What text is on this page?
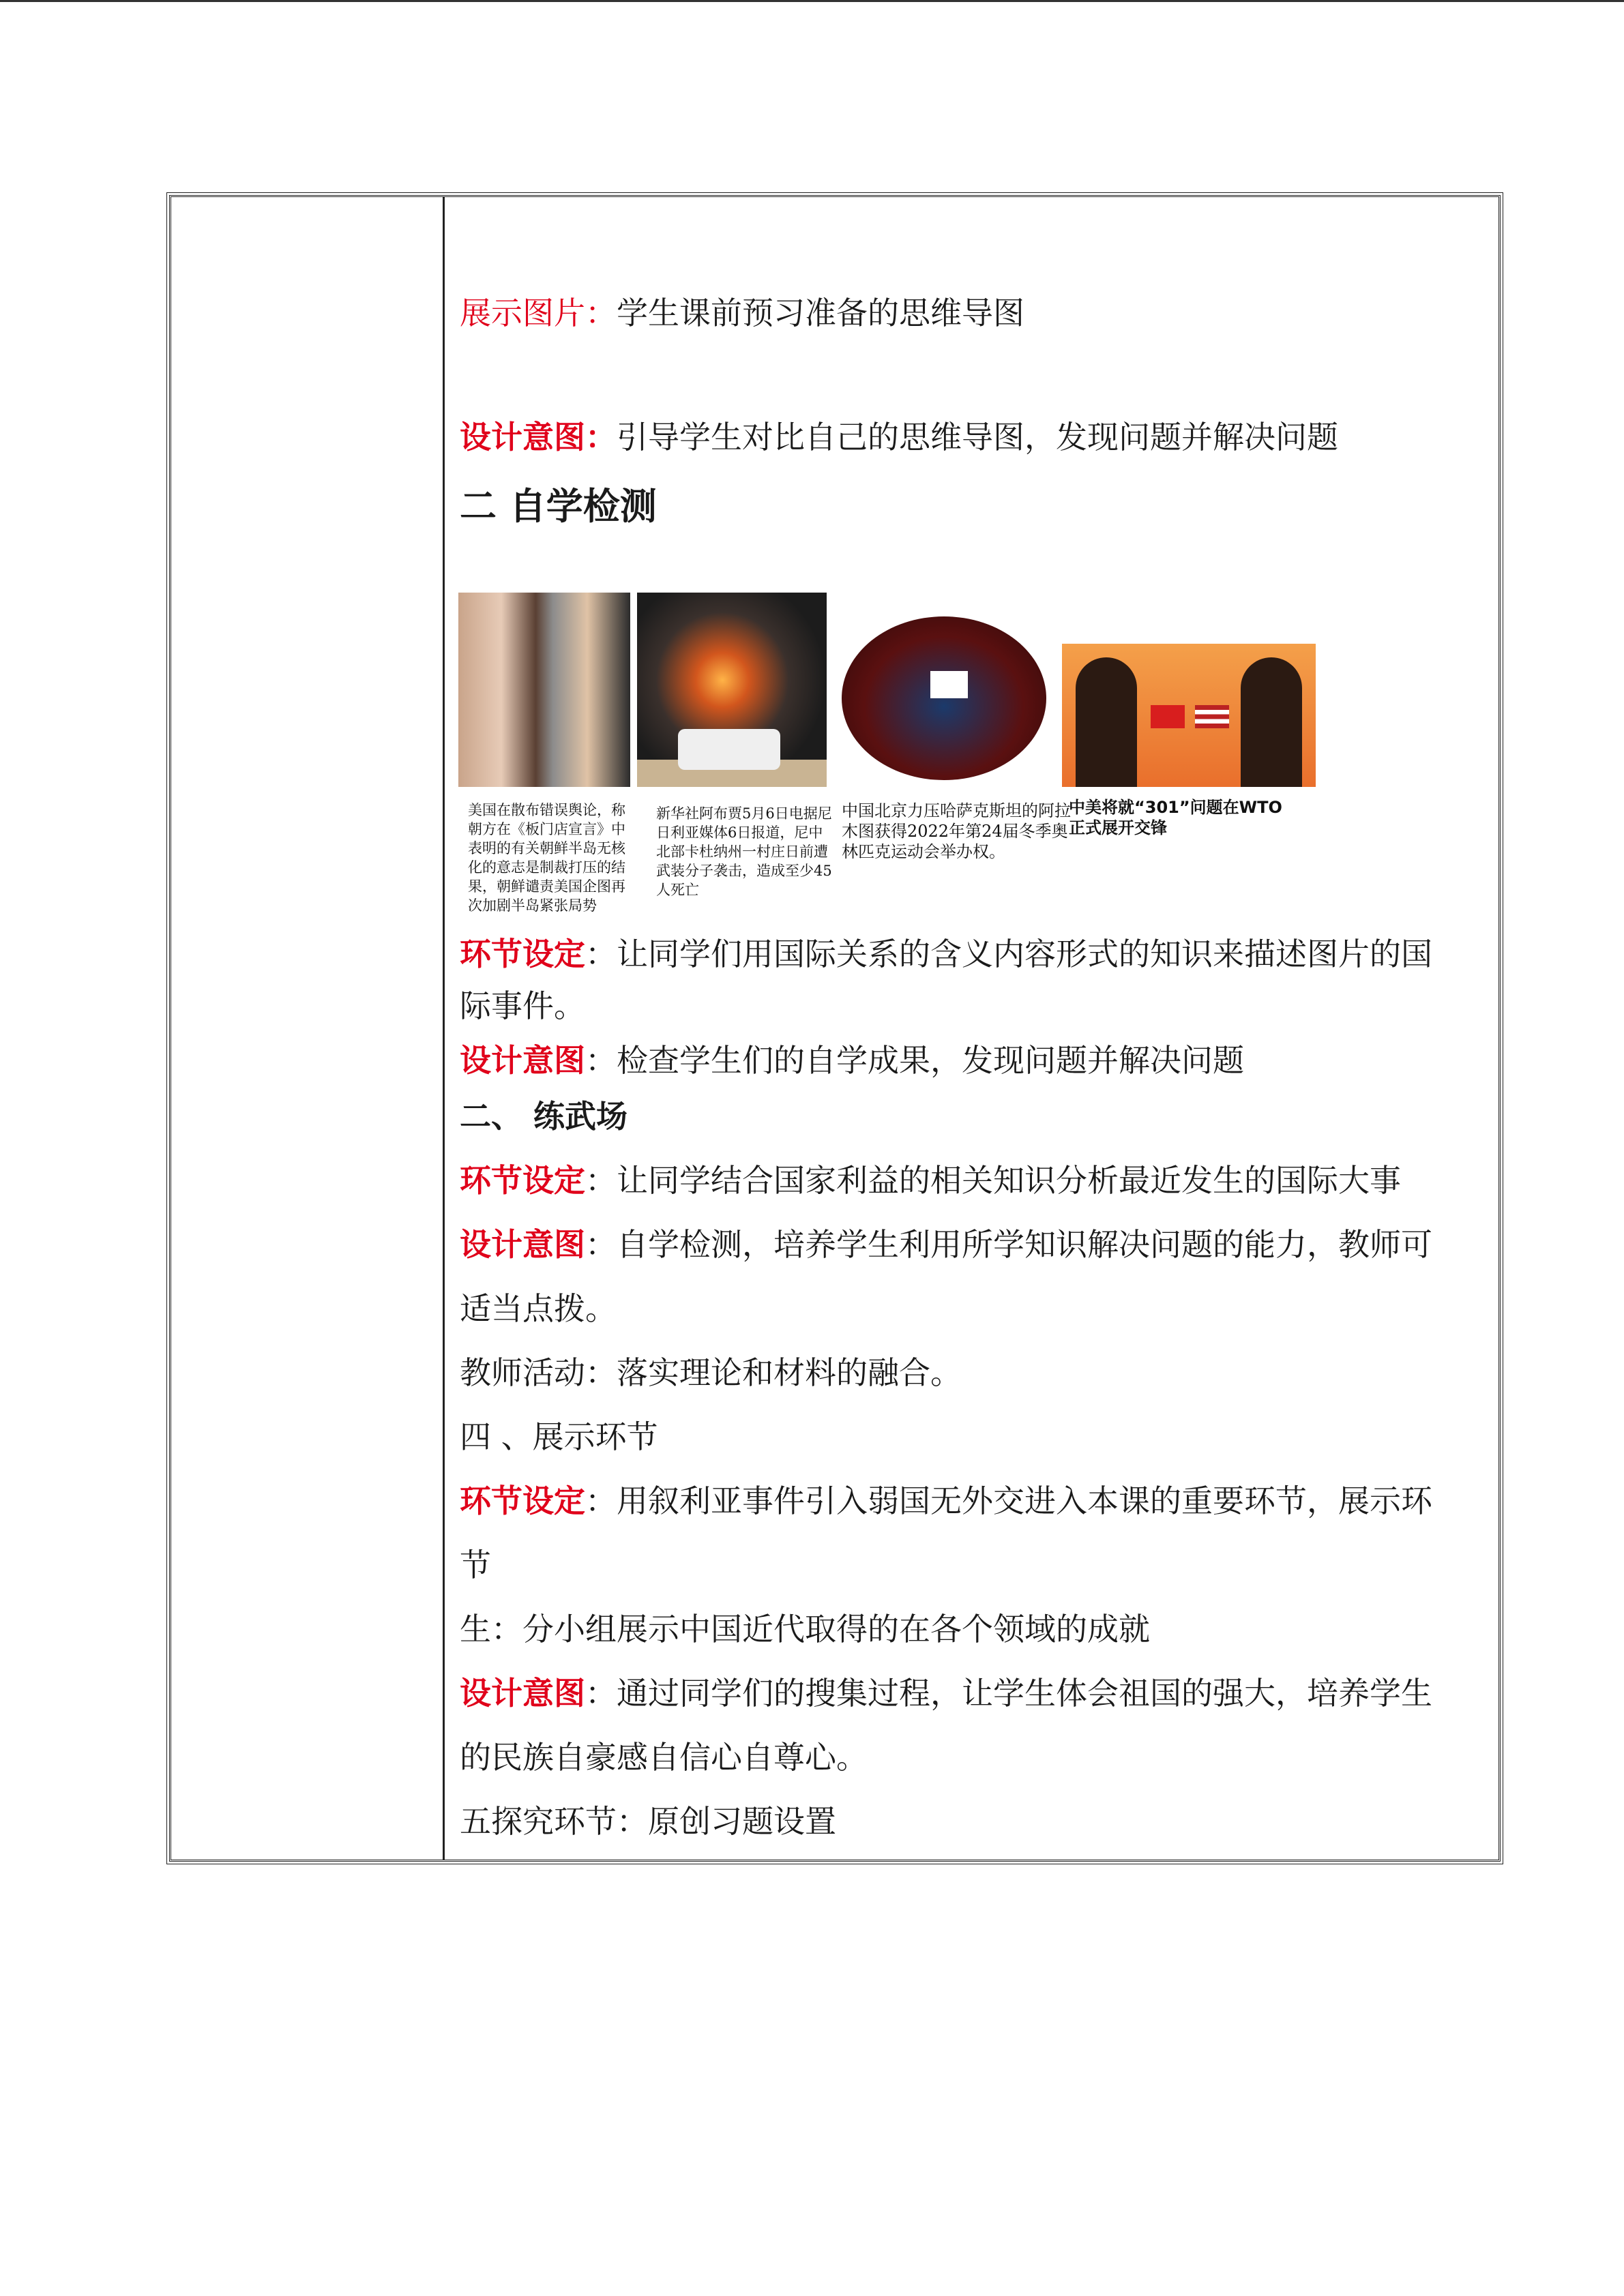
展示图片：学生课前预习准备的思维导图
设计意图：引导学生对比自己的思维导图，发现问题并解决问题
二 自学检测
美国在散布错误舆论，称朝方在《板门店宣言》中表明的有关朝鲜半岛无核化的意志是制裁打压的结果，朝鲜谴责美国企图再次加剧半岛紧张局势
新华社阿布贾5月6日电据尼日利亚媒体6日报道，尼中北部卡杜纳州一村庄日前遭武装分子袭击，造成至少45人死亡
中国北京力压哈萨克斯坦的阿拉木图获得2022年第24届冬季奥林匹克运动会举办权。
中美将就“301”问题在WTO正式展开交锋
环节设定：让同学们用国际关系的含义内容形式的知识来描述图片的国
际事件。
设计意图：检查学生们的自学成果，发现问题并解决问题
二、 练武场
环节设定：让同学结合国家利益的相关知识分析最近发生的国际大事
设计意图：自学检测，培养学生利用所学知识解决问题的能力，教师可
适当点拨。
教师活动：落实理论和材料的融合。
四 、展示环节
环节设定：用叙利亚事件引入弱国无外交进入本课的重要环节，展示环
节
生：分小组展示中国近代取得的在各个领域的成就
设计意图：通过同学们的搜集过程，让学生体会祖国的强大，培养学生
的民族自豪感自信心自尊心。
五探究环节：原创习题设置
